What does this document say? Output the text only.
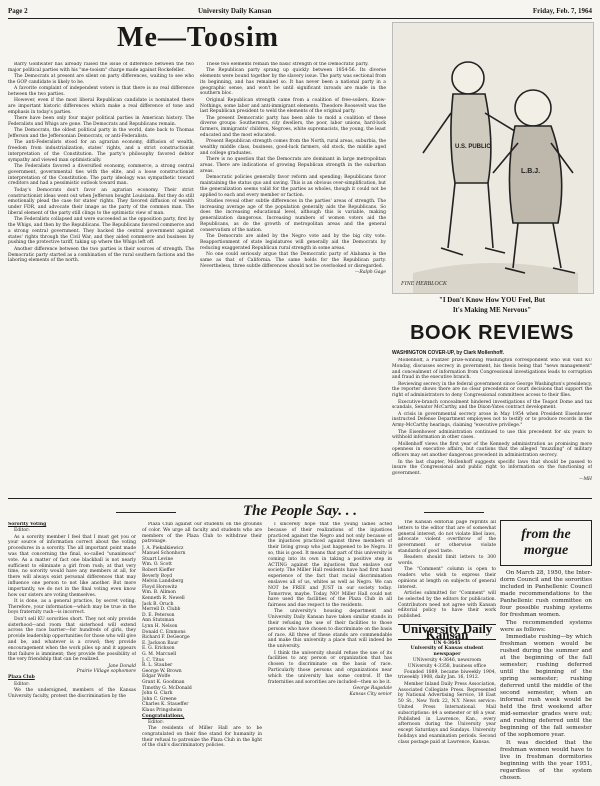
Page 2	University Daily Kansan	Friday, Feb. 7, 1964
Me—Toosim

Barry Goldwater has already raised the issue of difference between the two major political parties with his "me-tooism" charge made against Rockefeller.

The Democrats at present are silent on party differences, waiting to see who the GOP candidate is likely to be.

A favorite complaint of independent voters is that there is no real difference between the two parties.

However, even if the most liberal Republican candidate is nominated there are important historic differences which make a real difference of tone and emphasis in today's parties.

There have been only four major political parties in American history. The Federalists and Whigs are gone. The Democrats and Republicans remain.

The Democrats, the oldest political party in the world, date back to Thomas Jefferson and the Jeffersonian Democrats, or anti-Federalists.

The anti-Federalists stood for an agrarian economy, diffusion of wealth, freedom from industrialization, states' rights, and a strict constructionist interpretation of the Constitution. The party's philosophy favored debtor sympathy and viewed man optimistically.

The Federalists favored a diversified economy, commerce, a strong central government, governmental ties with the elite, and a loose constructionist interpretation of the Constitution. The party ideology was sympathetic toward creditors and had a pessimistic outlook toward man.

Today's Democrats don't favor an agrarian economy. Their strict constructionist ideas went out when Jefferson bought Louisiana. But they do still emotionally plead the case for states' rights. They favored diffusion of wealth under FDR, and advocate their image as the party of the common man. The liberal element of the party still clings to the optimistic view of man.

The Federalists collapsed and were succeeded as the opposition party, first by the Whigs, and then by the Republicans. The Republicans favored commerce and a strong central government. They backed the central government against states' rights through the Civil War, and they aided commerce and business by pushing the protective tariff, taking up where the Whigs left off.

Another difference between the two parties is their sources of strength. The Democratic party started as a combination of the rural southern factions and the laboring elements of the north.

These two elements remain the basic strength of the Democratic party.

The Republican party sprang up quickly between 1854-56. Its diverse elements were bound together by the slavery issue. The party was sectional from its beginning, and has remained so. It has never been a national party in a geographic sense, and won't be until significant inroads are made in the southern bloc.

Original Republican strength came from a coalition of free-soilers, Know-Nothings, some labor and anti-immigrant elements. Theodore Roosevelt was the last Republican president to weld the elements of the original party.

The present Democratic party has been able to mold a coalition of these diverse groups: Southerners, city dwellers, the poor, labor unions, hard-luck farmers, immigrants' children, Negroes, white supremacists, the young, the least educated and the most educated.

Present Republican strength comes from the North, rural areas, suburbia, the wealthy middle class, business, good-luck farmers, old stock, the middle aged and college graduates.

There is no question that the Democrats are dominant in large metropolitan areas. There are indications of growing Republican strength in the suburban areas.

Democratic policies generally favor reform and spending; Republicans favor maintaining the status quo and saving. This is an obvious over-simplification, but the generalization seems valid for the parties as wholes, though it could not be applied to each and every member or faction.

Studies reveal other subtle differences in the parties' areas of strength. The increasing average age of the population generally aids the Republicans. So does the increasing educational level, although this is variable, making generalization dangerous. Increasing numbers of women voters aid the Republicans, as do the growth of metropolitan areas and the general conservatism of the nation.

The Democrats are aided by the Negro vote and by the big city vote. Reapportionment of state legislatures will generally aid the Democrats by reducing exaggerated Republican rural strength in some areas.

No one could seriously argue that the Democratic party of Alabama is the same as that of California. The same holds for the Republican party. Nevertheless, three subtle differences should not be overlooked or disregarded.

—Ralph Gage
U.S. PUBLIC
L.B.J.
FINE HERBLOCK
"I Don't Know How YOU Feel, But
It's Making ME Nervous"
BOOK REVIEWS
WASHINGTON COVER-UP, by Clark Mollenhoff.

Mollenhoff, a Pulitzer prize-winning Washington correspondent who will visit KU Monday, discusses secrecy in government, his thesis being that "news management" and concealment of information from Congressional investigations leads to corruption and fraud in the executive branch.

Reviewing secrecy in the federal government since George Washington's presidency, the reporter shows there are no clear precedents or court decisions that support the right of administrators to deny Congressional committees access to their files.

Executive-branch concealment hindered investigations of the Teapot Dome and tax scandals, Senator McCarthy, and the Dixon-Yates contract development.

A crisis in governmental secrecy arose in May 1954 when President Eisenhower instructed Defense Department employees not to testify or to produce records in the Army-McCarthy hearings, claiming "executive privilege."

The Eisenhower administration continued to use this precedent for six years to withhold information in other cases.

Mollenhoff views the first year of the Kennedy administration as promising more openness in executive affairs, but cautions that the alleged "muzzling" of military officers may set another dangerous precedent in administration secrecy.

In the last chapter, Mollenhoff suggests specific laws that should be passed to insure the Congressional and public right to information on the functioning of government.

—MH
The People Say. . .

Sorority Voting

Editor:

As a sorority member I feel that I must get you or your source of information correct about the voting procedures in a sorority. The all important point made was that concerning the final, so-called "unanimous" vote. As a matter of fact one blackball is not nearly sufficient to eliminate a girl from rush; at that very time, no sorority would have any members at all, for there will always exist personal differences that may influence one person to not like another. But more importantly, we do not in the final voting even know how our sisters are voting themselves.

It is done, as a general practice, by secret voting. Therefore, your information—which may be true in the boys fraternity rush—is incorrect.

Don't sell KU sororities short. They not only provide sisterhood—and room that sisterhood will extend across the race barrier—for hundreds of girls, they provide leadership opportunities for those who will give and be, and whatever is a crowd; they provide encouragement when the work piles up and it appears that failure is imminent; they provide the possibility of the very friendship that can be realized.

Jane Donald
Prairie Village sophomore

Plaza Club

Editor:

We the undersigned, members of the Kansas University faculty, protest the discrimination by the

Plaza Club against our students on the grounds of color. We urge all faculty and students who are members of the Plaza Club to withdraw their patronage.

J. A. Piekalkiewicz
Manuel Schonhorn
Stuart Levine
Wm. O. Scott
Robert Kieffer
Beverly Boyd
Melvin Landsberg
Floyd Horowitz
Wm. B. Allmon
Kenneth R. Newell
Jack B. Oruch
Merrell D. Clubb
D. E. Peterson
Ann Stutsman
Lynn H. Nelson
Donald C. Emmons
Richard F. DeGeorge
E. Jackson Baur
E. G. Erickson
G. M. Marcuell
J. C. Titus
R. L. Stauber
George W. Brown
Edgar Wolfe
Grant K. Goodman
Timothy G. McDonald
John G. Clark
John C. Greene
Charles K. Staueffer
Klaus Pringsheim

Congratulations,

Editor:

The residents of Miller Hall are to be congratulated on their fine stand for humanity in their refusal to patronize the Plaza Club in the light of the club's discriminatory policies.

I sincerely hope that the young ladies acted because of their realizations of the injustices practiced against the Negro and not only because of the injustices practiced against three members of their living group who just happened to be Negro. If so, this is good. It means that part of this university is coming into its own in taking a positive step in ACTING against the injustices that enslave our society. The Miller Hall residents have had first hand experience of the fact that racial discrimination enslaves all of us, whites as well as Negro. We can NOT be FREE and JUST in our society today. Tomorrow, maybe. Today, NO! Miller Hall could not have used the facilities of the Plaza Club in all fairness and due respect to the residents.

The university's housing department and University Daily Kansan have taken similar stands in their refusing the use of their facilities to those persons who have chosen to discriminate on the basis of race. All three of these stands are commendable and make this university a place that will indeed be the university.

I think the university should refuse the use of its facilities to any person or organization that has chosen to discriminate on the basis of race. Particularly those persons and organizations near which the university has some control. If the fraternities and sororities are included—then so be it.

George Ragsdale
Kansas City senior

The Kansan editorial page reprints all letters to the editor that are of somewhat general interest, do not violate libel laws, advocate violent overthrow of the government or otherwise violate standards of good taste.

Readers should limit letters to 300 words.

The "Comment" column is open to readers who wish to express their opinions at length on subjects of general interest.

Articles submitted for "Comment" will be selected by the editors for publication. Contributors need not agree with Kansan editorial policy to have their work published.

University Daily Kansan
UN 4-3645
University of Kansas student newspaper
UNiversity 4-3646, newsroom
UNiversity 4-3358, business office

Founded 1889, became biweekly 1904, triweekly 1908, daily Jan. 16, 1912.

Member Inland Daily Press Association, Associated Collegiate Press. Represented by National Advertising Service, 18 East 50 St., New York 22, N.Y. News service: United Press International. Mail subscriptions: $4 a semester or $8 a year. Published in Lawrence, Kan., every afternoon during the University year except Saturdays and Sundays. University holidays and examination periods. Second class postage paid at Lawrence, Kansas.

from the morgue

On March 28, 1950, the Inter-dorm Council and the sororities included in Panhellenic Council made recommendations to the Panhellenic rush committee on four possible rushing systems for freshman women.

The recommended systems were as follows:

Immediate rushing—by which freshman women would be rushed during the summer and at the beginning of the fall semester; rushing deferred until the beginning of the spring semester; rushing deferred until the middle of the second semester, when an informal rush week would be held the first weekend after mid-semester grades were out; and rushing deferred until the beginning of the fall semester of the sophomore year.

It was decided that the freshman women would have to live in freshman dormitories beginning with the year 1951, regardless of the system chosen.
